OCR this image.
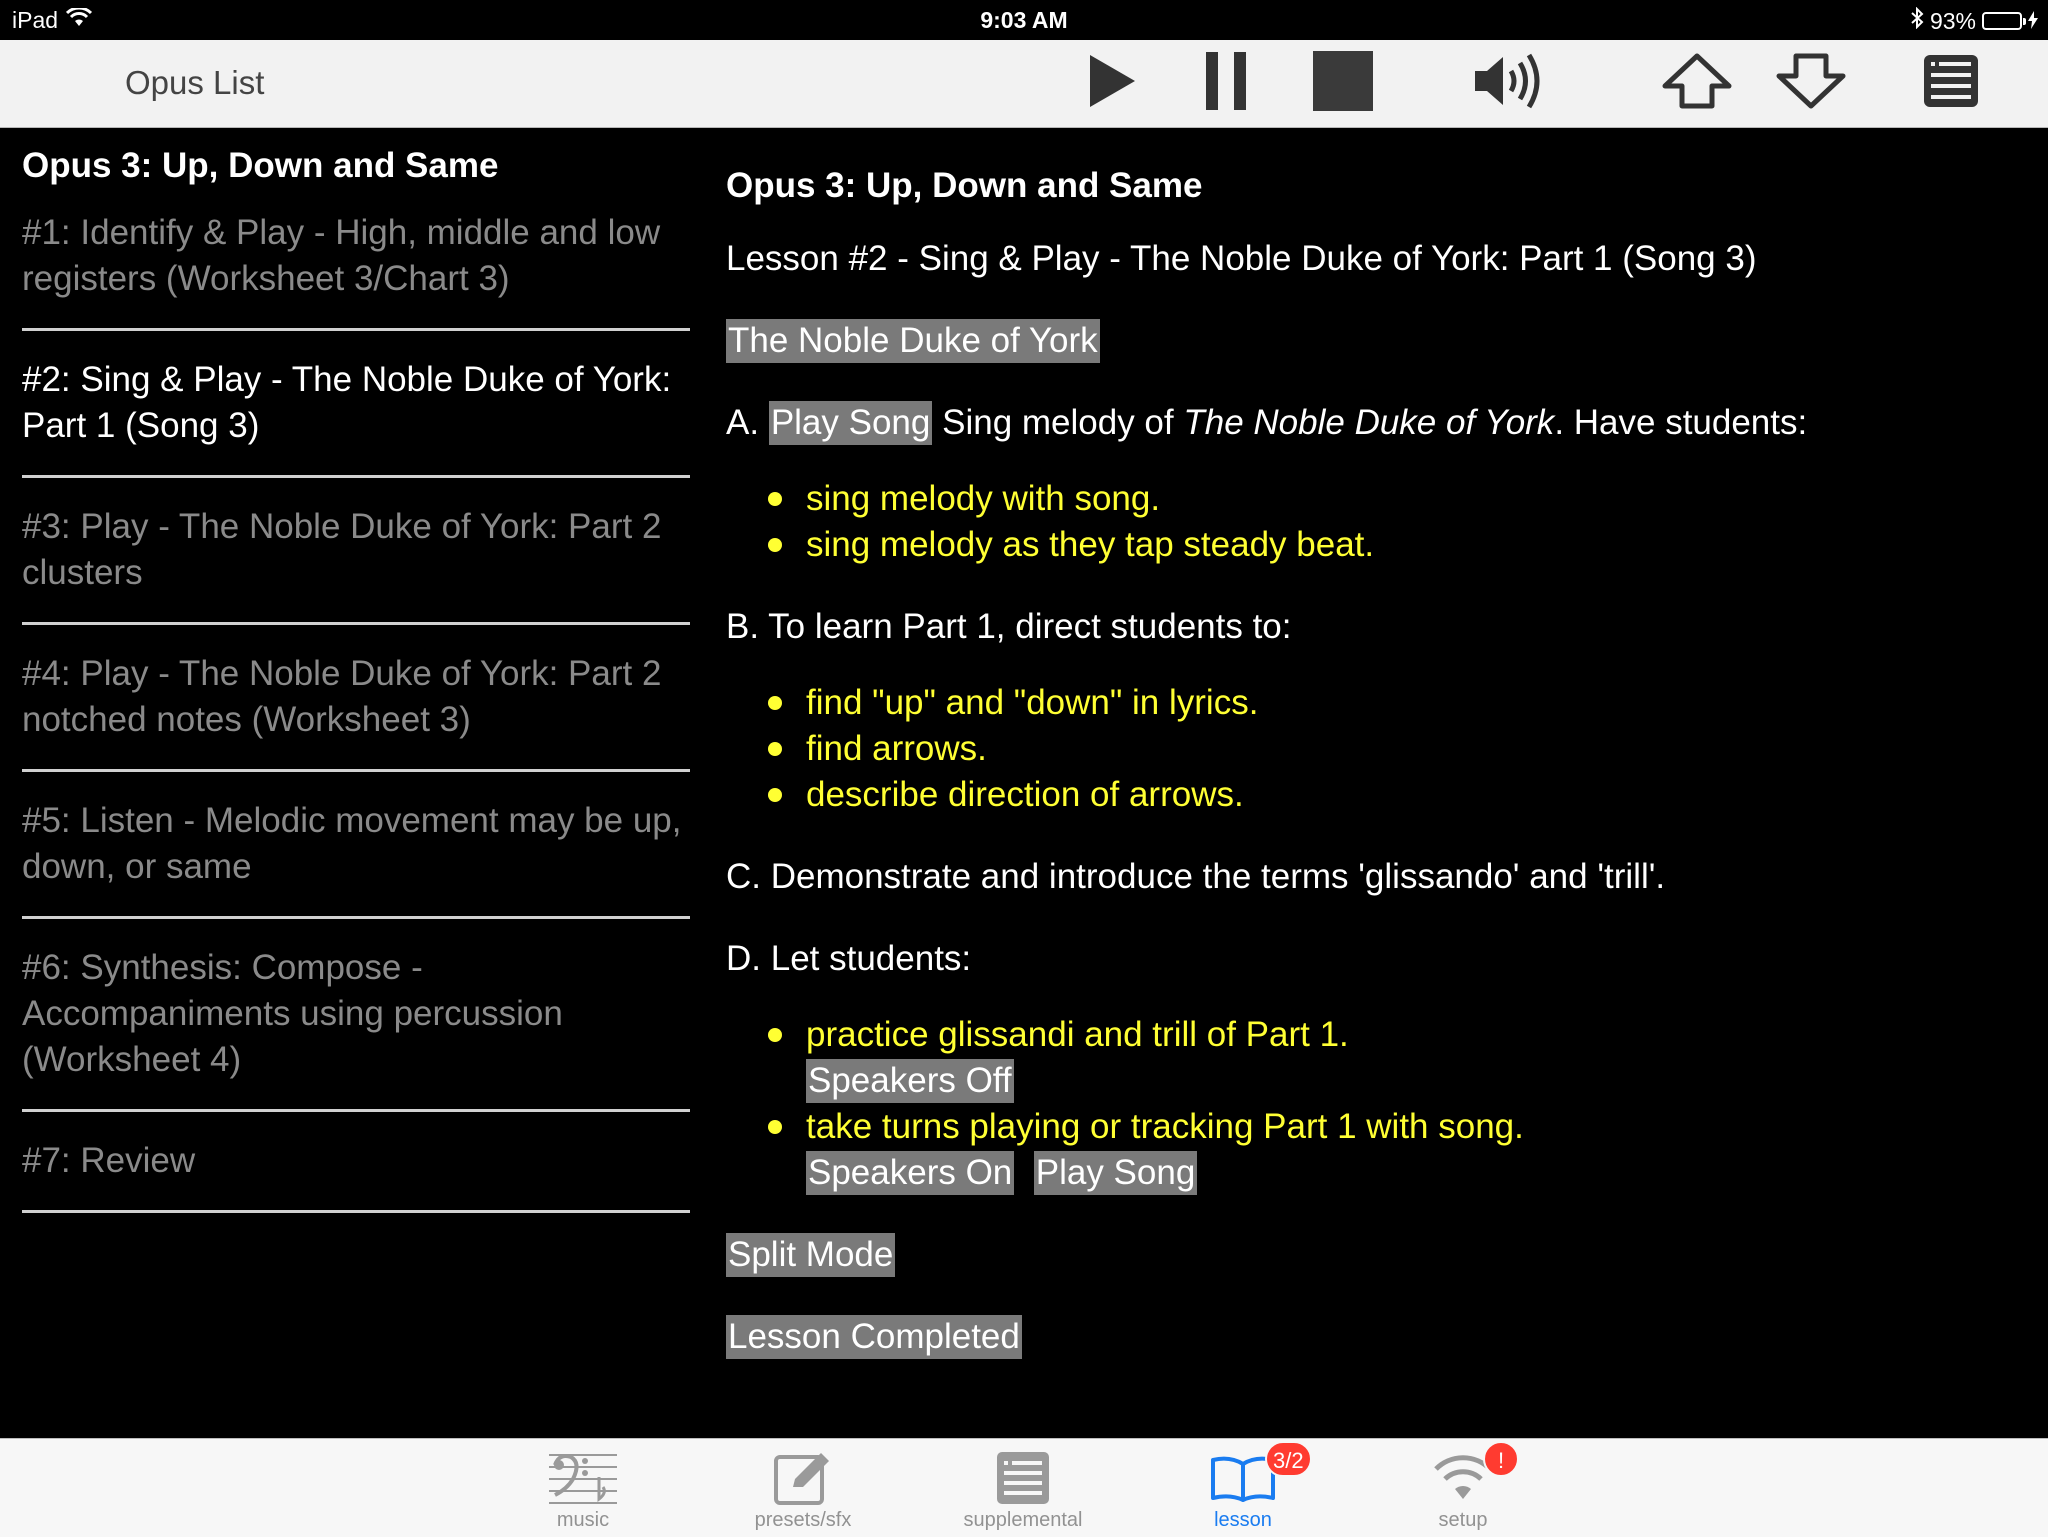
iPad	9:03 AM	93%
Opus List
Opus 3: Up, Down and Same
#1: Identify & Play - High, middle and low registers (Worksheet 3/Chart 3)
#2: Sing & Play - The Noble Duke of York: Part 1 (Song 3)
#3: Play - The Noble Duke of York: Part 2 clusters
#4: Play - The Noble Duke of York: Part 2 notched notes (Worksheet 3)
#5: Listen - Melodic movement may be up, down, or same
#6: Synthesis: Compose - Accompaniments using percussion (Worksheet 4)
#7: Review
Opus 3: Up, Down and Same

Lesson #2 - Sing & Play - The Noble Duke of York: Part 1 (Song 3)

The Noble Duke of York

A. Play Song Sing melody of The Noble Duke of York. Have students:

sing melody with song.
sing melody as they tap steady beat.

B. To learn Part 1, direct students to:

find "up" and "down" in lyrics.
find arrows.
describe direction of arrows.

C. Demonstrate and introduce the terms 'glissando' and 'trill'.

D. Let students:

practice glissandi and trill of Part 1.
Speakers Off
take turns playing or tracking Part 1 with song.
Speakers On Play Song

Split Mode

Lesson Completed

music	presets/sfx	supplemental
3/2
lesson
!
setup
